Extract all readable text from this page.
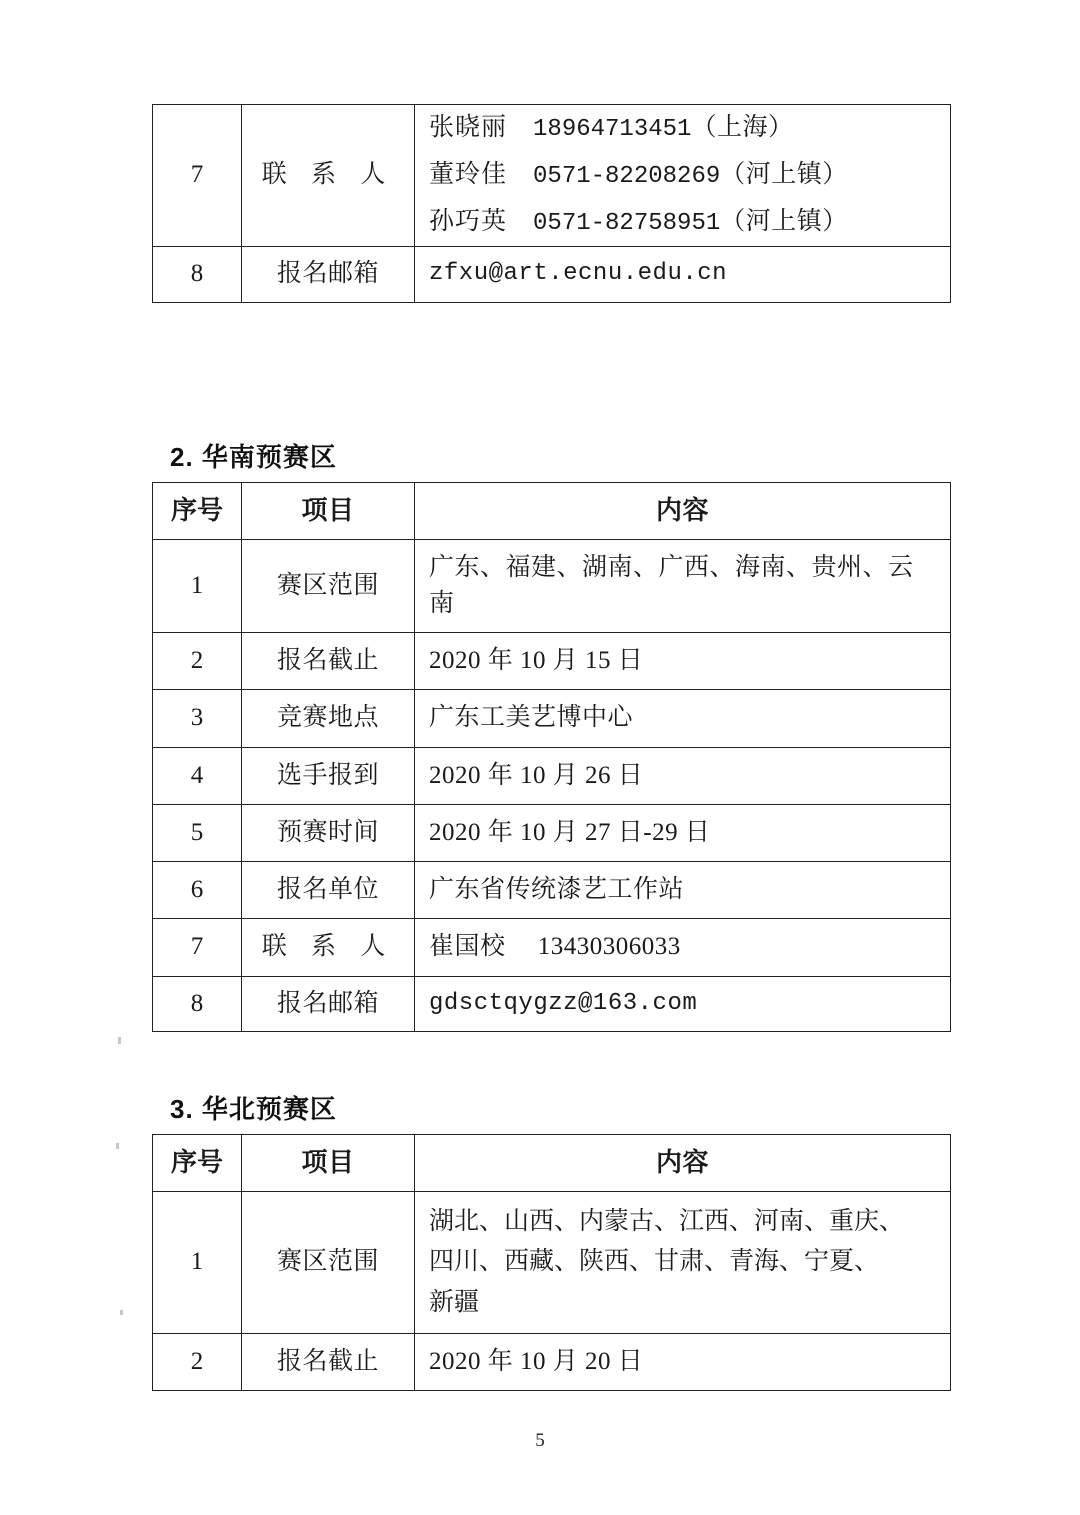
7	联 系 人	张晓丽 18964713451（上海）
董玲佳 0571-82208269（河上镇）
孙巧英 0571-82758951（河上镇）

8	报名邮箱	zfxu@art.ecnu.edu.cn
2. 华南预赛区
序号	项目	内容

1	赛区范围	广东、福建、湖南、广西、海南、贵州、云南

2	报名截止	2020 年 10 月 15 日

3	竞赛地点	广东工美艺博中心

4	选手报到	2020 年 10 月 26 日

5	预赛时间	2020 年 10 月 27 日-29 日

6	报名单位	广东省传统漆艺工作站

7	联 系 人	崔国校　 13430306033

8	报名邮箱	gdsctqygzz@163.com
3. 华北预赛区
序号	项目	内容

1	赛区范围	湖北、山西、内蒙古、江西、河南、重庆、
四川、西藏、陕西、甘肃、青海、宁夏、
新疆

2	报名截止	2020 年 10 月 20 日
5
